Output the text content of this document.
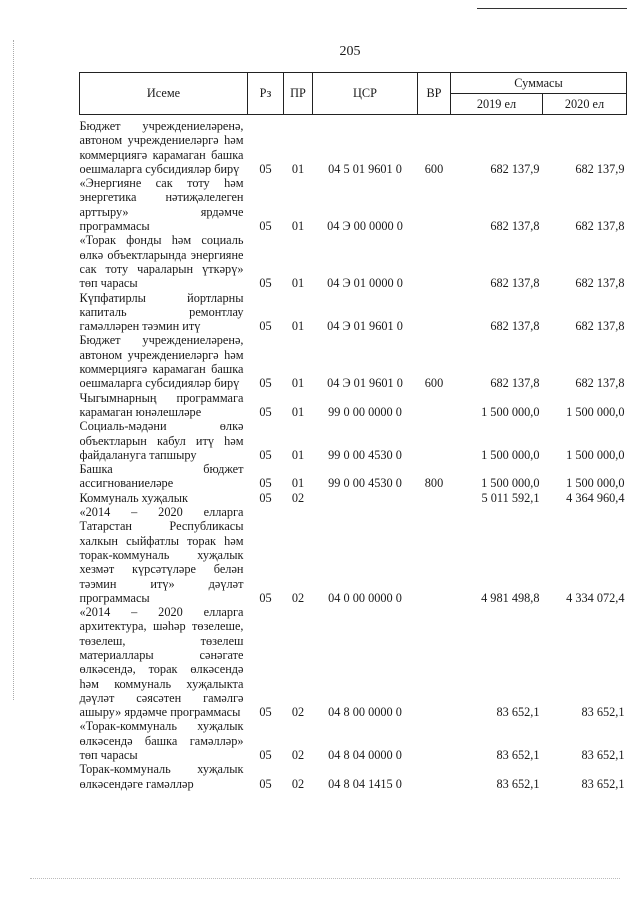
205
Исеме	Рз	ПР	ЦСР	ВР	Суммасы	
					2019 ел	2020 ел
Бюджет учреждениеләренә, автоном учреждениеләргә һәм коммерциягә карамаган башка оешмаларга субсидияләр бирү	05	01	04 5 01 9601 0	600	682 137,9	682 137,9
«Энергияне сак тоту һәм энергетика нәтиҗәлелеген арттыру» ярдәмче программасы	05	01	04 Э 00 0000 0		682 137,8	682 137,8
«Торак фонды һәм социаль өлкә объектларында энергияне сак тоту чараларын үткәрү» төп чарасы	05	01	04 Э 01 0000 0		682 137,8	682 137,8
Күпфатирлы йортларны капиталь ремонтлау гамәлләрен тәэмин итү	05	01	04 Э 01 9601 0		682 137,8	682 137,8
Бюджет учреждениеләренә, автоном учреждениеләргә һәм коммерциягә карамаган башка оешмаларга субсидияләр бирү	05	01	04 Э 01 9601 0	600	682 137,8	682 137,8
Чыгымнарның программага карамаган юнәлешләре	05	01	99 0 00 0000 0		1 500 000,0	1 500 000,0
Социаль-мәдәни өлкә объектларын кабул итү һәм файдалануга тапшыру	05	01	99 0 00 4530 0		1 500 000,0	1 500 000,0
Башка бюджет ассигнованиеләре	05	01	99 0 00 4530 0	800	1 500 000,0	1 500 000,0
Коммуналь хуҗалык	05	02			5 011 592,1	4 364 960,4
«2014 – 2020 елларга Татарстан Республикасы халкын сыйфатлы торак һәм торак-коммуналь хуҗалык хезмәт күрсәтүләре белән тәэмин итү» дәүләт программасы	05	02	04 0 00 0000 0		4 981 498,8	4 334 072,4
«2014 – 2020 елларга архитектура, шәһәр төзелеше, төзелеш, төзелеш материаллары сәнәгате өлкәсендә, торак өлкәсендә һәм коммуналь хуҗалыкта дәүләт сәясәтен гамәлгә ашыру» ярдәмче программасы	05	02	04 8 00 0000 0		83 652,1	83 652,1
«Торак-коммуналь хуҗалык өлкәсендә башка гамәлләр» төп чарасы	05	02	04 8 04 0000 0		83 652,1	83 652,1
Торак-коммуналь хуҗалык өлкәсендәге гамәлләр	05	02	04 8 04 1415 0		83 652,1	83 652,1
